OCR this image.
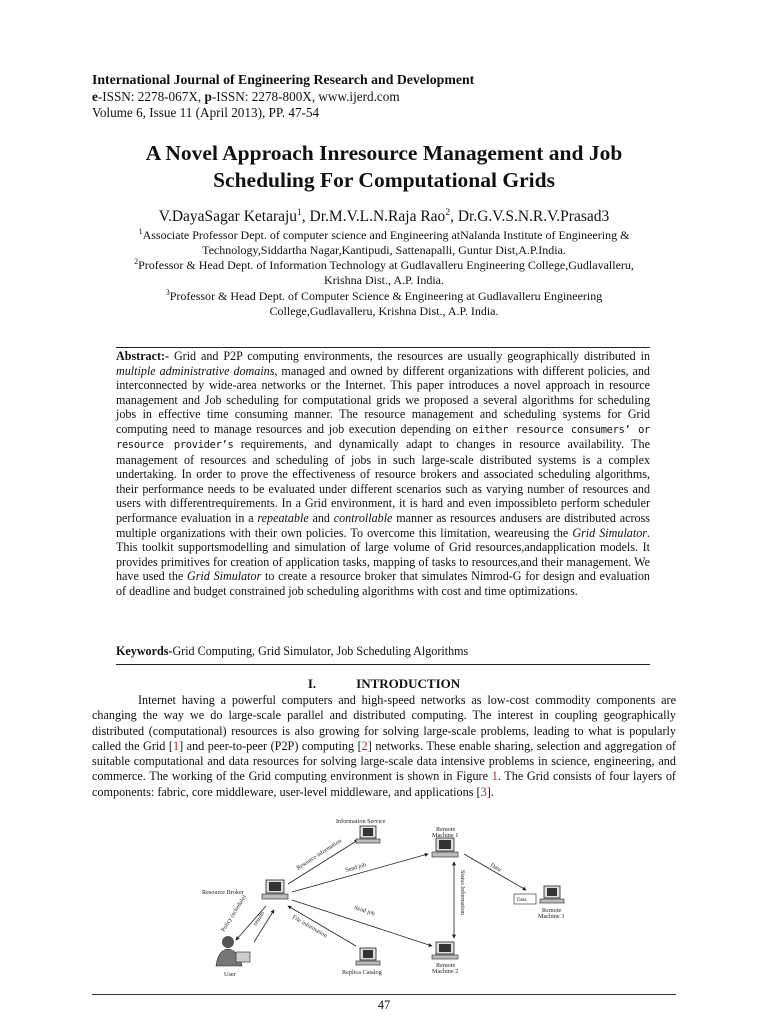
International Journal of Engineering Research and Development
e-ISSN: 2278-067X, p-ISSN: 2278-800X, www.ijerd.com
Volume 6, Issue 11 (April 2013), PP. 47-54
A Novel Approach Inresource Management and Job
Scheduling For Computational Grids
V.DayaSagar Ketaraju$^1$, Dr.M.V.L.N.Raja Rao$^2$, Dr.G.V.S.N.R.V.Prasad3
$^1$Associate Professor Dept. of computer science and Engineering atNalanda Institute of Engineering &
Technology,Siddartha Nagar,Kantipudi, Sattenapalli, Guntur Dist,A.P.India.
$^2$Professor & Head Dept. of Information Technology at Gudlavalleru Engineering College,Gudlavalleru,
Krishna Dist., A.P. India.
$^3$Professor & Head Dept. of Computer Science & Engineering at Gudlavalleru Engineering
College,Gudlavalleru, Krishna Dist., A.P. India.
Abstract:- Grid and P2P computing environments, the resources are usually geographically distributed in multiple administrative domains, managed and owned by different organizations with different policies, and interconnected by wide-area networks or the Internet. This paper introduces a novel approach in resource management and Job scheduling for computational grids we proposed a several algorithms for scheduling jobs in effective time consuming manner. The resource management and scheduling systems for Grid computing need to manage resources and job execution depending on either resource consumers’ or resource provider’s requirements, and dynamically adapt to changes in resource availability. The management of resources and scheduling of jobs in such large-scale distributed systems is a complex undertaking. In order to prove the effectiveness of resource brokers and associated scheduling algorithms, their performance needs to be evaluated under different scenarios such as varying number of resources and users with differentrequirements. In a Grid environment, it is hard and even impossibleto perform scheduler performance evaluation in a repeatable and controllable manner as resources andusers are distributed across multiple organizations with their own policies. To overcome this limitation, weareusing the Grid Simulator. This toolkit supportsmodelling and simulation of large volume of Grid resources,andapplication models. It provides primitives for creation of application tasks, mapping of tasks to resources,and their management. We have used the Grid Simulator to create a resource broker that simulates Nimrod-G for design and evaluation of deadline and budget constrained job scheduling algorithms with cost and time optimizations.
Keywords-Grid Computing, Grid Simulator, Job Scheduling Algorithms
I.	INTRODUCTION
Internet having a powerful computers and high-speed networks as low-cost commodity components are changing the way we do large-scale parallel and distributed computing. The interest in coupling geographically distributed (computational) resources is also growing for solving large-scale problems, leading to what is popularly called the Grid [1] and peer-to-peer (P2P) computing [2] networks. These enable sharing, selection and aggregation of suitable computational and data resources for solving large-scale data intensive problems in science, engineering, and commerce. The working of the Grid computing environment is shown in Figure 1. The Grid consists of four layers of components: fabric, core middleware, user-level middleware, and applications [3].
Information Service
Remote
Machine 1
Resource Broker
Remote
Machine 3
Data
User	Replica Catalog
Remote
Machine 2
Resource information Send job	Data
Status Information
Send job
File information
Policy (schedule) results
47
